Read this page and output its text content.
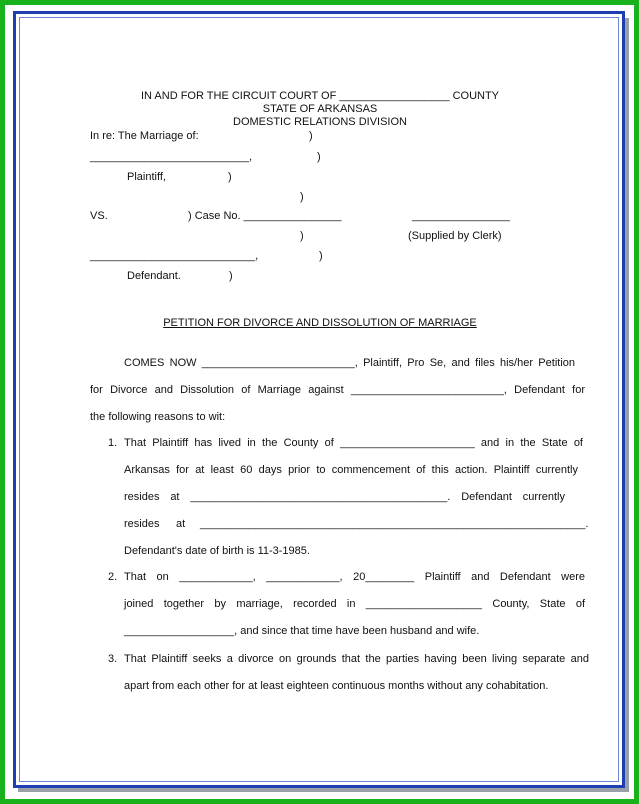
IN AND FOR THE CIRCUIT COURT OF __________________ COUNTY
STATE OF ARKANSAS
DOMESTIC RELATIONS DIVISION
In re: The Marriage of:	)
__________________________,	)
Plaintiff,	)
)
VS.	) Case No. ________________	________________
)	(Supplied by Clerk)
___________________________,	)
Defendant.	)
PETITION FOR DIVORCE AND DISSOLUTION OF MARRIAGE
COMES NOW _________________________, Plaintiff, Pro Se, and files his/her Petition
for Divorce and Dissolution of Marriage against _________________________, Defendant for
the following reasons to wit:
1. That Plaintiff has lived in the County of ______________________ and in the State of
Arkansas for at least 60 days prior to commencement of this action. Plaintiff currently
resides at __________________________________________. Defendant currently
resides at _______________________________________________________________.
Defendant's date of birth is 11-3-1985.
2. That on ____________, ____________, 20________ Plaintiff and Defendant were
joined together by marriage, recorded in ___________________ County, State of
__________________, and since that time have been husband and wife.
3. That Plaintiff seeks a divorce on grounds that the parties having been living separate and
apart from each other for at least eighteen continuous months without any cohabitation.
